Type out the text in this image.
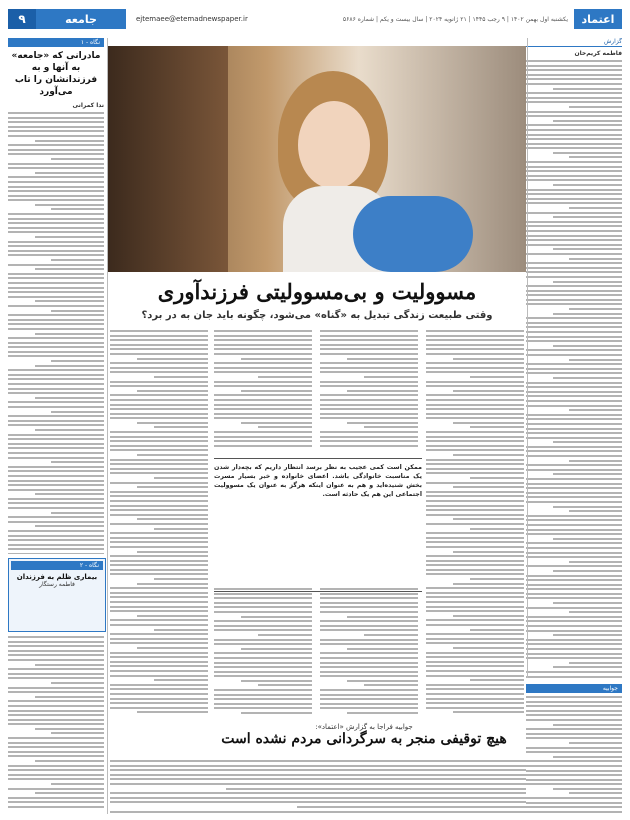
اعتماد
یکشنبه اول بهمن ۱۴۰۲ | ۹ رجب ۱۴۴۵ | ۲۱ ژانویه ۲۰۲۴ | سال بیست و یکم | شماره ۵۶۸۶
ejtemaee@etemadnewspaper.ir
جامعه
۹
گزارش
فاطمه کریم‌خان
جوابیه
مسوولیت و بی‌مسوولیتی فرزندآوری
وقتی طبیعت زندگی تبدیل به «گناه» می‌شود، چگونه باید جان به در برد؟
ممکن است کمی عجیب به نظر برسد انتظار داریم که بچه‌دار شدن یک مناسبت خانوادگی باشد. اعضای خانواده و خبر بسیار مسرت بخش شنیده‌اید و هم به عنوان اینکه هرگز به عنوان یک مسوولیت اجتماعی این هم یک حادثه است.
جوابیه فراجا به گزارش «اعتماد»:
هیچ توقیفی منجر به سرگردانی مردم نشده است
نگاه - ۱
مادرانی که «جامعه» به آنها و به فرزندانشان را تاب می‌آورد
ندا کمرانی
نگاه - ۲
بیماری ظلم به فرزندان
فاطمه رستگار
